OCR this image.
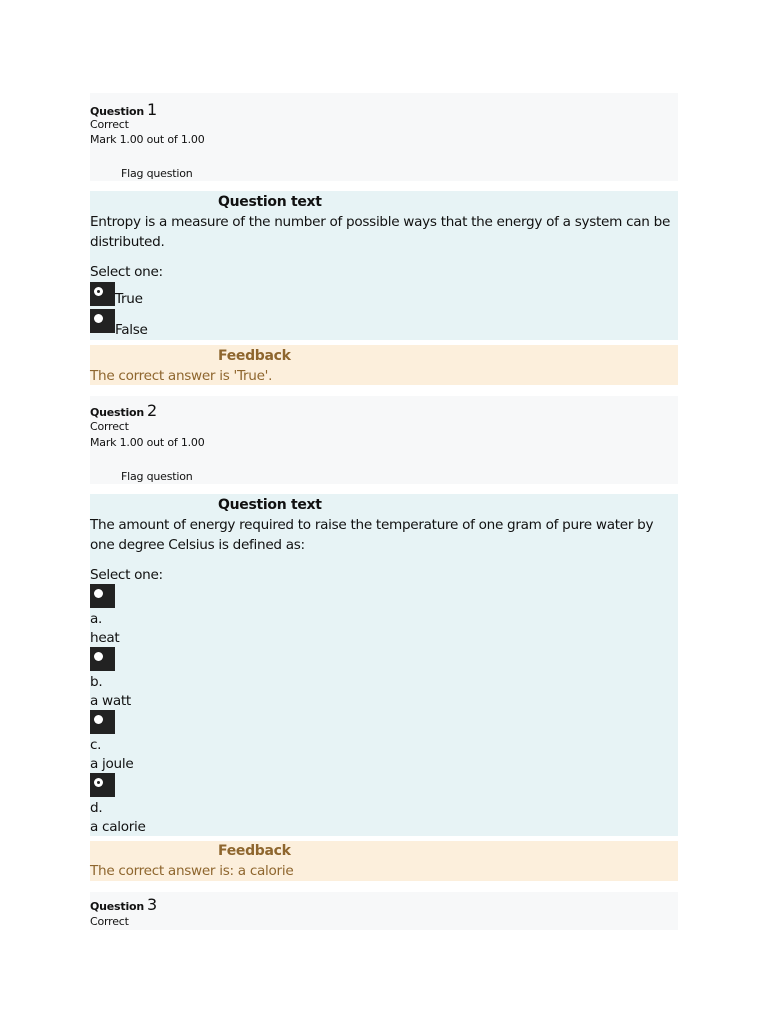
Question 1
Correct
Mark 1.00 out of 1.00
Flag question
Question text
Entropy is a measure of the number of possible ways that the energy of a system can be distributed.
Select one:
True
False
Feedback
The correct answer is 'True'.
Question 2
Correct
Mark 1.00 out of 1.00
Flag question
Question text
The amount of energy required to raise the temperature of one gram of pure water by one degree Celsius is defined as:
Select one:
a.
heat
b.
a watt
c.
a joule
d.
a calorie
Feedback
The correct answer is: a calorie
Question 3
Correct
